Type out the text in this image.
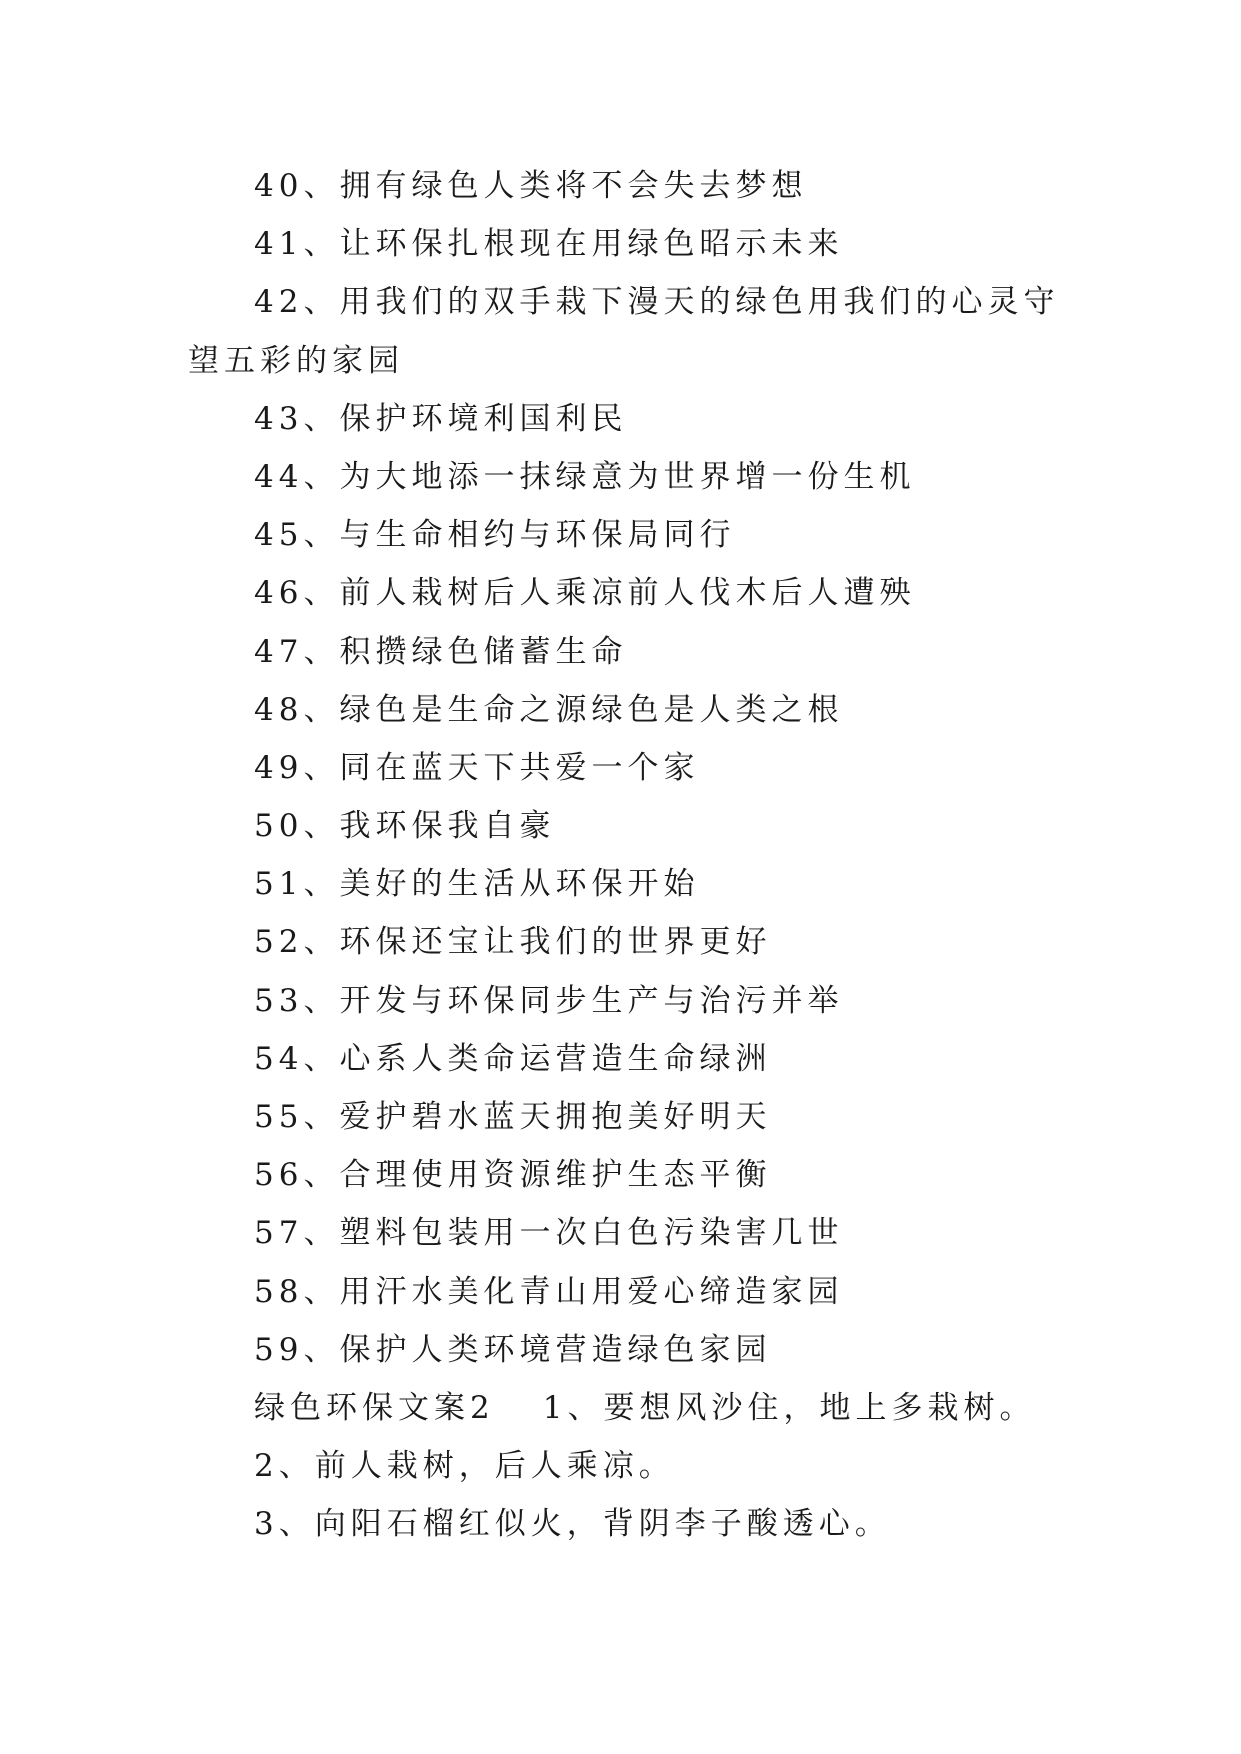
40、拥有绿色人类将不会失去梦想
41、让环保扎根现在用绿色昭示未来
42、用我们的双手栽下漫天的绿色用我们的心灵守望五彩的家园
43、保护环境利国利民
44、为大地添一抹绿意为世界增一份生机
45、与生命相约与环保局同行
46、前人栽树后人乘凉前人伐木后人遭殃
47、积攒绿色储蓄生命
48、绿色是生命之源绿色是人类之根
49、同在蓝天下共爱一个家
50、我环保我自豪
51、美好的生活从环保开始
52、环保还宝让我们的世界更好
53、开发与环保同步生产与治污并举
54、心系人类命运营造生命绿洲
55、爱护碧水蓝天拥抱美好明天
56、合理使用资源维护生态平衡
57、塑料包装用一次白色污染害几世
58、用汗水美化青山用爱心缔造家园
59、保护人类环境营造绿色家园
绿色环保文案2 1、要想风沙住，地上多栽树。
2、前人栽树，后人乘凉。
3、向阳石榴红似火，背阴李子酸透心。
